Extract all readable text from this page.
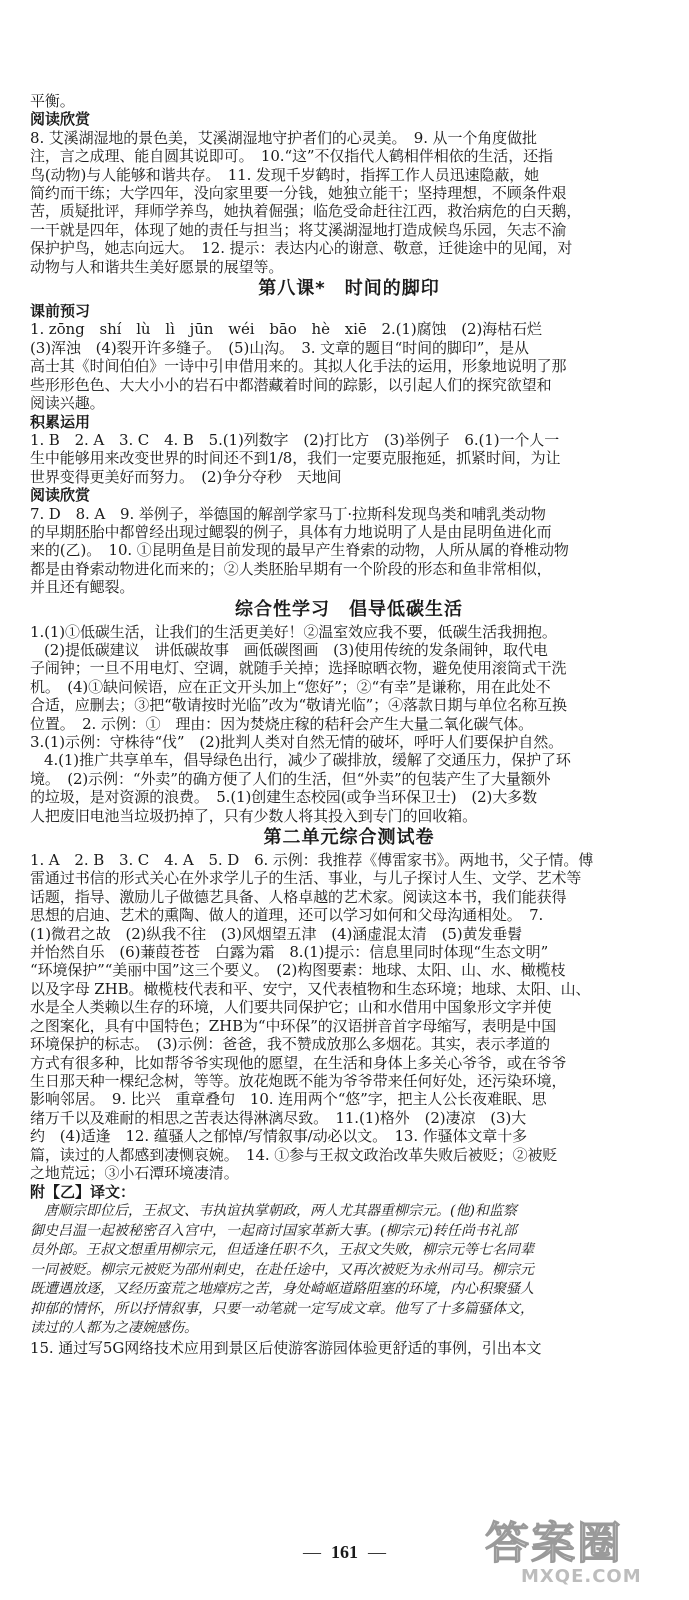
平衡。
阅读欣赏
8. 艾溪湖湿地的景色美，艾溪湖湿地守护者们的心灵美。　9. 从一个角度做批
注，言之成理、能自圆其说即可。　10.“这”不仅指代人鹤相伴相依的生活，还指
鸟(动物)与人能够和谐共存。　11. 发现千岁鹤时，指挥工作人员迅速隐蔽，她
简约而干练；大学四年，没向家里要一分钱，她独立能干；坚持理想，不顾条件艰
苦，质疑批评，拜师学养鸟，她执着倔强；临危受命赶往江西，救治病危的白天鹅，
一干就是四年，体现了她的责任与担当；将艾溪湖湿地打造成候鸟乐园，矢志不渝
保护护鸟，她志向远大。　12. 提示：表达内心的谢意、敬意，迁徙途中的见闻，对
动物与人和谐共生美好愿景的展望等。
第八课*　时间的脚印
课前预习
1. zōng　shí　lù　lì　jūn　wéi　bāo　hè　xiē　2.(1)腐蚀　(2)海枯石烂
(3)浑浊　(4)裂开许多缝子。　(5)山沟。　3. 文章的题目“时间的脚印”，是从
高士其《时间伯伯》一诗中引申借用来的。其拟人化手法的运用，形象地说明了那
些形形色色、大大小小的岩石中都潜藏着时间的踪影，以引起人们的探究欲望和
阅读兴趣。
积累运用
1. B　2. A　3. C　4. B　5.(1)列数字　(2)打比方　(3)举例子　6.(1)一个人一
生中能够用来改变世界的时间还不到1/8，我们一定要克服拖延，抓紧时间，为让
世界变得更美好而努力。　(2)争分夺秒　天地间
阅读欣赏
7. D　8. A　9. 举例子，举德国的解剖学家马丁·拉斯科发现鸟类和哺乳类动物
的早期胚胎中都曾经出现过鳃裂的例子，具体有力地说明了人是由昆明鱼进化而
来的(乙)。　10. ①昆明鱼是目前发现的最早产生脊索的动物，人所从属的脊椎动物
都是由脊索动物进化而来的；②人类胚胎早期有一个阶段的形态和鱼非常相似，
并且还有鳃裂。
综合性学习　倡导低碳生活
1.(1)①低碳生活，让我们的生活更美好！②温室效应我不要，低碳生活我拥抱。
(2)提低碳建议　讲低碳故事　画低碳图画　(3)使用传统的发条闹钟，取代电
子闹钟；一旦不用电灯、空调，就随手关掉；选择晾晒衣物，避免使用滚筒式干洗
机。　(4)①缺问候语，应在正文开头加上“您好”；②“有幸”是谦称，用在此处不
合适，应删去；③把“敬请按时光临”改为“敬请光临”；④落款日期与单位名称互换
位置。　2. 示例：①　理由：因为焚烧庄稼的秸秆会产生大量二氧化碳气体。
3.(1)示例：守株待“伐”　(2)批判人类对自然无情的破坏，呼吁人们要保护自然。
4.(1)推广共享单车，倡导绿色出行，减少了碳排放，缓解了交通压力，保护了环
境。　(2)示例：“外卖”的确方便了人们的生活，但“外卖”的包装产生了大量额外
的垃圾，是对资源的浪费。　5.(1)创建生态校园(或争当环保卫士)　(2)大多数
人把废旧电池当垃圾扔掉了，只有少数人将其投入到专门的回收箱。
第二单元综合测试卷
1. A　2. B　3. C　4. A　5. D　6. 示例：我推荐《傅雷家书》。两地书，父子情。傅
雷通过书信的形式关心在外求学儿子的生活、事业，与儿子探讨人生、文学、艺术等
话题，指导、激励儿子做德艺具备、人格卓越的艺术家。阅读这本书，我们能获得
思想的启迪、艺术的熏陶、做人的道理，还可以学习如何和父母沟通相处。　7.
(1)微君之故　(2)纵我不往　(3)风烟望五津　(4)涵虚混太清　(5)黄发垂髫
并怡然自乐　(6)蒹葭苍苍　白露为霜　8.(1)提示：信息里同时体现“生态文明”
“环境保护”“美丽中国”这三个要义。　(2)构图要素：地球、太阳、山、水、橄榄枝
以及字母 ZHB。橄榄枝代表和平、安宁，又代表植物和生态环境；地球、太阳、山、
水是全人类赖以生存的环境，人们要共同保护它；山和水借用中国象形文字并使
之图案化，具有中国特色；ZHB为“中环保”的汉语拼音首字母缩写，表明是中国
环境保护的标志。　(3)示例：爸爸，我不赞成放那么多烟花。其实，表示孝道的
方式有很多种，比如帮爷爷实现他的愿望，在生活和身体上多关心爷爷，或在爷爷
生日那天种一棵纪念树，等等。放花炮既不能为爷爷带来任何好处，还污染环境，
影响邻居。　9. 比兴　重章叠句　10. 连用两个“悠”字，把主人公长夜难眠、思
绪万千以及难耐的相思之苦表达得淋漓尽致。　11.(1)格外　(2)凄凉　(3)大
约　(4)适逢　12. 蕴骚人之郁悼/写情叙事/动必以文。　13. 作骚体文章十多
篇，读过的人都感到凄恻哀婉。　14. ①参与王叔文政治改革失败后被贬；②被贬
之地荒远；③小石潭环境凄清。
附【乙】译文：
唐顺宗即位后，王叔文、韦执谊执掌朝政，两人尤其器重柳宗元。(他)和监察
御史吕温一起被秘密召入宫中，一起商讨国家革新大事。(柳宗元)转任尚书礼部
员外郎。王叔文想重用柳宗元，但适逢任职不久，王叔文失败，柳宗元等七名同辈
一同被贬。柳宗元被贬为邵州刺史，在赴任途中，又再次被贬为永州司马。柳宗元
既遭遇放逐，又经历蛮荒之地瘴疠之苦，身处崎岖道路阻塞的环境，内心积聚骚人
抑郁的情怀，所以抒情叙事，只要一动笔就一定写成文章。他写了十多篇骚体文，
读过的人都为之凄婉感伤。
15. 通过写5G网络技术应用到景区后使游客游园体验更舒适的事例，引出本文
— 161 —	答案圈
MXQE.COM
